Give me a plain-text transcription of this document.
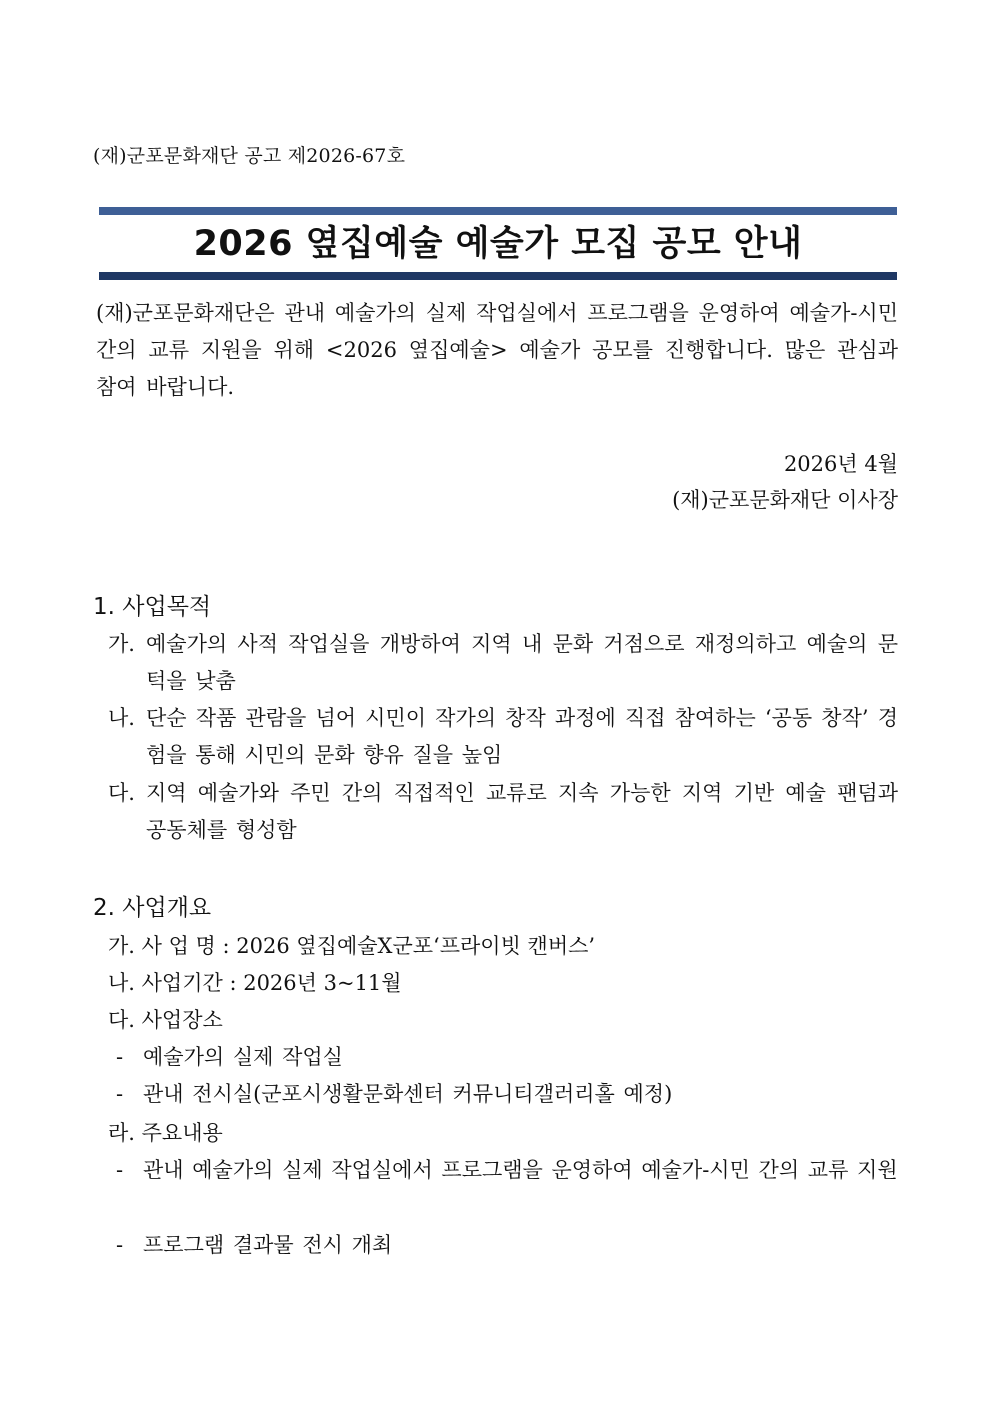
(재)군포문화재단 공고 제2026-67호
2026 옆집예술 예술가 모집 공모 안내
(재)군포문화재단은 관내 예술가의 실제 작업실에서 프로그램을 운영하여 예술가-시민 간의 교류 지원을 위해 <2026 옆집예술> 예술가 공모를 진행합니다. 많은 관심과 참여 바랍니다.
2026년 4월
(재)군포문화재단 이사장
1. 사업목적
가. 예술가의 사적 작업실을 개방하여 지역 내 문화 거점으로 재정의하고 예술의 문턱을 낮춤
나. 단순 작품 관람을 넘어 시민이 작가의 창작 과정에 직접 참여하는 ‘공동 창작’ 경험을 통해 시민의 문화 향유 질을 높임
다. 지역 예술가와 주민 간의 직접적인 교류로 지속 가능한 지역 기반 예술 팬덤과 공동체를 형성함
2. 사업개요
가. 사 업 명 : 2026 옆집예술X군포‘프라이빗 캔버스’
나. 사업기간 : 2026년 3~11월
다. 사업장소
- 예술가의 실제 작업실
- 관내 전시실(군포시생활문화센터 커뮤니티갤러리홀 예정)
라. 주요내용
- 관내 예술가의 실제 작업실에서 프로그램을 운영하여 예술가-시민 간의 교류 지원
- 프로그램 결과물 전시 개최
